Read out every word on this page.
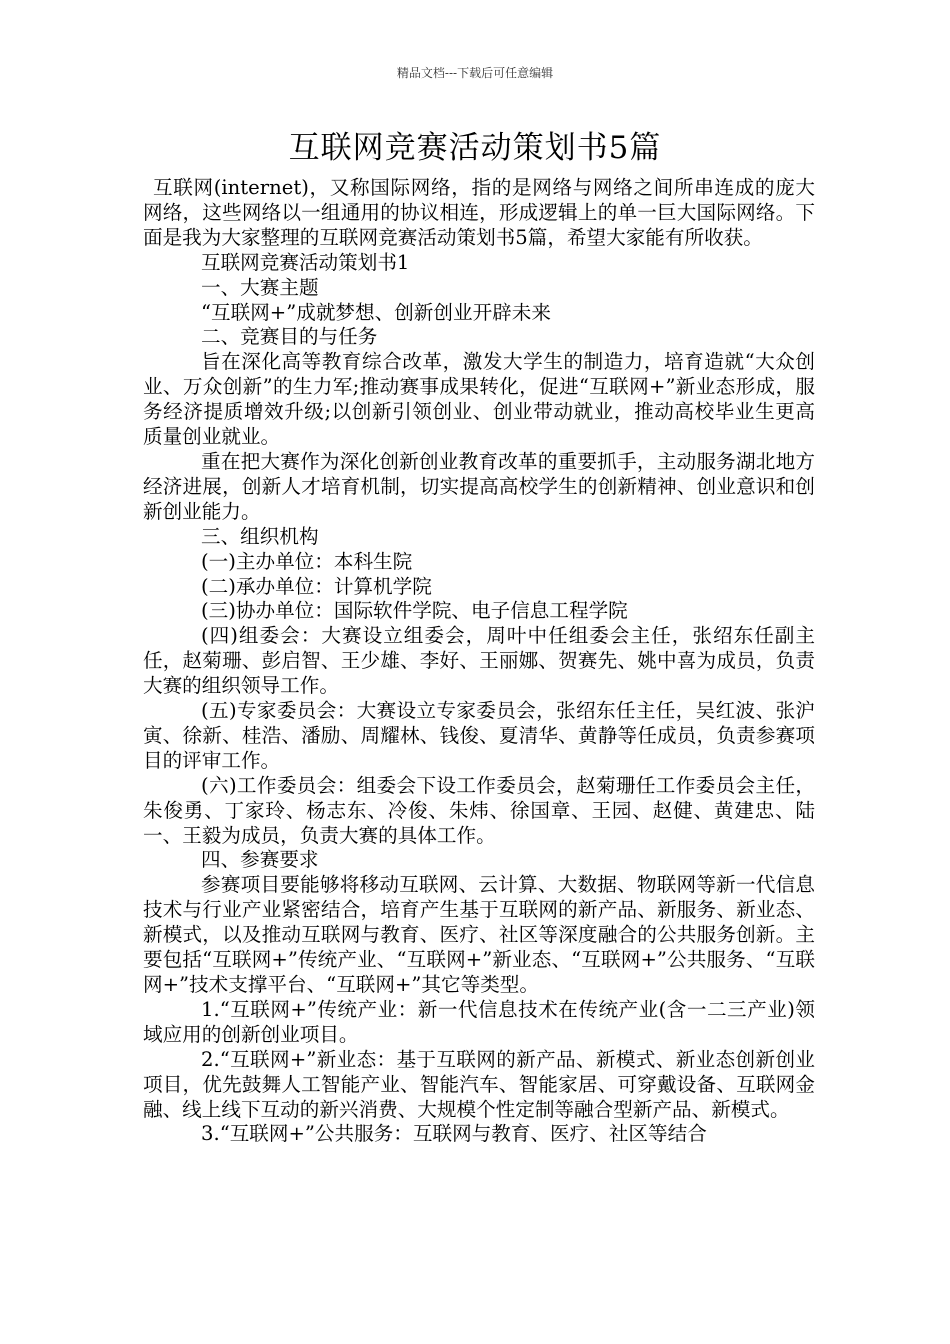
精品文档---下载后可任意编辑
互联网竞赛活动策划书5篇

互联网(internet)，又称国际网络，指的是网络与网络之间所串连成的庞大网络，这些网络以一组通用的协议相连，形成逻辑上的单一巨大国际网络。下面是我为大家整理的互联网竞赛活动策划书5篇，希望大家能有所收获。

互联网竞赛活动策划书1

一、大赛主题

“互联网+”成就梦想、创新创业开辟未来

二、竞赛目的与任务

旨在深化高等教育综合改革，激发大学生的制造力，培育造就“大众创业、万众创新”的生力军;推动赛事成果转化，促进“互联网+”新业态形成，服务经济提质增效升级;以创新引领创业、创业带动就业，推动高校毕业生更高质量创业就业。

重在把大赛作为深化创新创业教育改革的重要抓手，主动服务湖北地方经济进展，创新人才培育机制，切实提高高校学生的创新精神、创业意识和创新创业能力。

三、组织机构

(一)主办单位：本科生院

(二)承办单位：计算机学院

(三)协办单位：国际软件学院、电子信息工程学院

(四)组委会：大赛设立组委会，周叶中任组委会主任，张绍东任副主任，赵菊珊、彭启智、王少雄、李好、王丽娜、贺赛先、姚中喜为成员，负责大赛的组织领导工作。

(五)专家委员会：大赛设立专家委员会，张绍东任主任，吴红波、张沪寅、徐新、桂浩、潘励、周耀林、钱俊、夏清华、黄静等任成员，负责参赛项目的评审工作。

(六)工作委员会：组委会下设工作委员会，赵菊珊任工作委员会主任，朱俊勇、丁家玲、杨志东、冷俊、朱炜、徐国章、王园、赵健、黄建忠、陆一、王毅为成员，负责大赛的具体工作。

四、参赛要求

参赛项目要能够将移动互联网、云计算、大数据、物联网等新一代信息技术与行业产业紧密结合，培育产生基于互联网的新产品、新服务、新业态、新模式，以及推动互联网与教育、医疗、社区等深度融合的公共服务创新。主要包括“互联网+”传统产业、“互联网+”新业态、“互联网+”公共服务、“互联网+”技术支撑平台、“互联网+”其它等类型。

1.“互联网+”传统产业：新一代信息技术在传统产业(含一二三产业)领域应用的创新创业项目。

2.“互联网+”新业态：基于互联网的新产品、新模式、新业态创新创业项目，优先鼓舞人工智能产业、智能汽车、智能家居、可穿戴设备、互联网金融、线上线下互动的新兴消费、大规模个性定制等融合型新产品、新模式。

3.“互联网+”公共服务：互联网与教育、医疗、社区等结合
